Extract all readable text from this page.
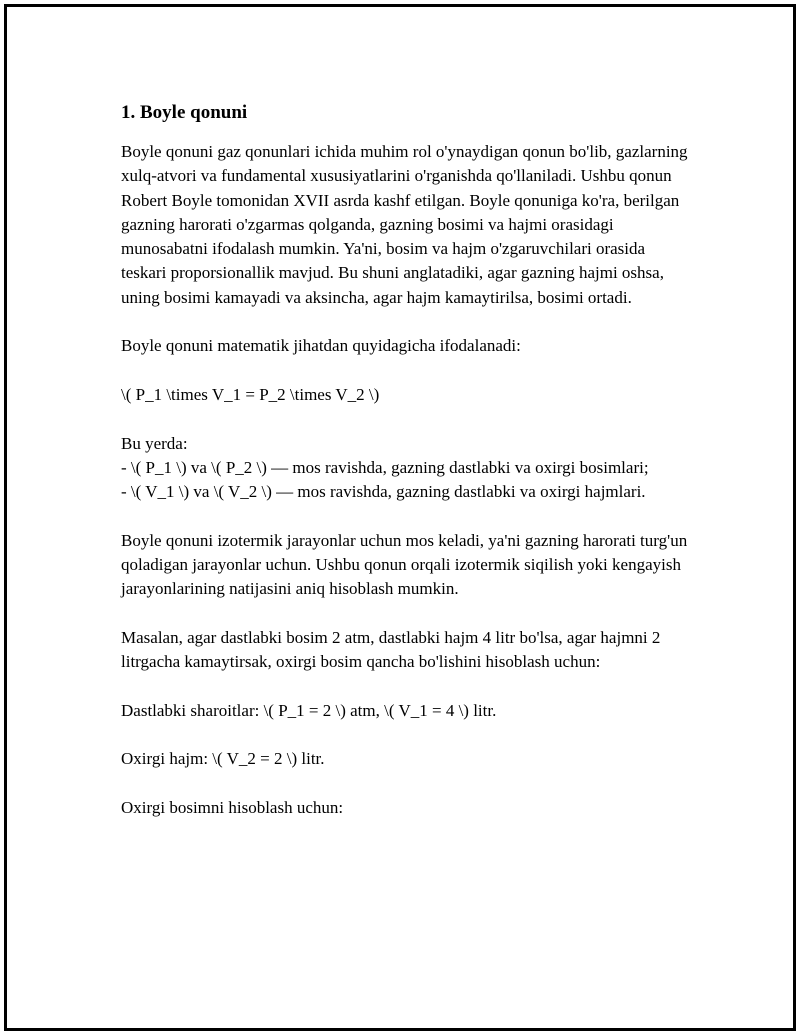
1. Boyle qonuni

Boyle qonuni gaz qonunlari ichida muhim rol o'ynaydigan qonun bo'lib, gazlarning xulq-atvori va fundamental xususiyatlarini o'rganishda qo'llaniladi. Ushbu qonun Robert Boyle tomonidan XVII asrda kashf etilgan. Boyle qonuniga ko'ra, berilgan gazning harorati o'zgarmas qolganda, gazning bosimi va hajmi orasidagi munosabatni ifodalash mumkin. Ya'ni, bosim va hajm o'zgaruvchilari orasida teskari proporsionallik mavjud. Bu shuni anglatadiki, agar gazning hajmi oshsa, uning bosimi kamayadi va aksincha, agar hajm kamaytirilsa, bosimi ortadi.

Boyle qonuni matematik jihatdan quyidagicha ifodalanadi:

\( P_1 \times V_1 = P_2 \times V_2 \)

Bu yerda:
- \( P_1 \) va \( P_2 \) — mos ravishda, gazning dastlabki va oxirgi bosimlari;
- \( V_1 \) va \( V_2 \) — mos ravishda, gazning dastlabki va oxirgi hajmlari.

Boyle qonuni izotermik jarayonlar uchun mos keladi, ya'ni gazning harorati turg'un qoladigan jarayonlar uchun. Ushbu qonun orqali izotermik siqilish yoki kengayish jarayonlarining natijasini aniq hisoblash mumkin.

Masalan, agar dastlabki bosim 2 atm, dastlabki hajm 4 litr bo'lsa, agar hajmni 2 litrgacha kamaytirsak, oxirgi bosim qancha bo'lishini hisoblash uchun:

Dastlabki sharoitlar: \( P_1 = 2 \) atm, \( V_1 = 4 \) litr.

Oxirgi hajm: \( V_2 = 2 \) litr.

Oxirgi bosimni hisoblash uchun:
